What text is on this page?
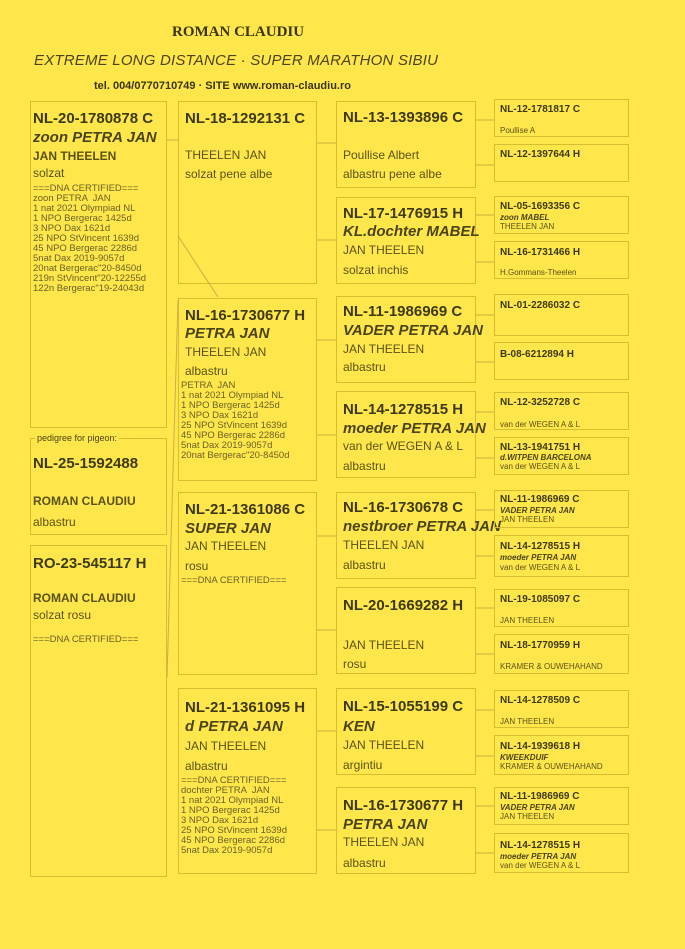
ROMAN CLAUDIU
EXTREME LONG DISTANCE · SUPER MARATHON SIBIU
tel. 004/0770710749 · SITE www.roman-claudiu.ro
NL-20-1780878 C
zoon PETRA JAN
JAN THEELEN
solzat
===DNA CERTIFIED===
zoon PETRA  JAN
1 nat 2021 Olympiad NL
1 NPO Bergerac 1425d
3 NPO Dax 1621d
25 NPO StVincent 1639d
45 NPO Bergerac 2286d
5nat Dax 2019-9057d
20nat Bergerac"20-8450d
219n StVincent"20-12255d
122n Bergerac"19-24043d
pedigree for pigeon:
NL-25-1592488
ROMAN CLAUDIU
albastru
RO-23-545117 H
ROMAN CLAUDIU
solzat rosu
===DNA CERTIFIED===
NL-18-1292131 C
THEELEN JAN
solzat pene albe
NL-16-1730677 H
PETRA JAN
THEELEN JAN
albastru
PETRA  JAN
1 nat 2021 Olympiad NL
1 NPO Bergerac 1425d
3 NPO Dax 1621d
25 NPO StVincent 1639d
45 NPO Bergerac 2286d
5nat Dax 2019-9057d
20nat Bergerac"20-8450d
NL-21-1361086 C
SUPER JAN
JAN THEELEN
rosu
===DNA CERTIFIED===
NL-21-1361095 H
d PETRA JAN
JAN THEELEN
albastru
===DNA CERTIFIED===
dochter PETRA  JAN
1 nat 2021 Olympiad NL
1 NPO Bergerac 1425d
3 NPO Dax 1621d
25 NPO StVincent 1639d
45 NPO Bergerac 2286d
5nat Dax 2019-9057d
NL-13-1393896 C
Poullise Albert
albastru pene albe
NL-17-1476915 H
KL.dochter MABEL
JAN THEELEN
solzat inchis
NL-11-1986969 C
VADER PETRA JAN
JAN THEELEN
albastru
NL-14-1278515 H
moeder PETRA JAN
van der WEGEN A & L
albastru
NL-16-1730678 C
nestbroer PETRA JAN
THEELEN JAN
albastru
NL-20-1669282 H
JAN THEELEN
rosu
NL-15-1055199 C
KEN
JAN THEELEN
argintiu
NL-16-1730677 H
PETRA JAN
THEELEN JAN
albastru
NL-12-1781817 C
Poullise A
NL-12-1397644 H
NL-05-1693356 C
zoon MABEL
THEELEN JAN
NL-16-1731466 H
H.Gommans-Theelen
NL-01-2286032 C
B-08-6212894 H
NL-12-3252728 C
van der WEGEN A & L
NL-13-1941751 H
d.WITPEN BARCELONA
van der WEGEN A & L
NL-11-1986969 C
VADER PETRA JAN
JAN THEELEN
NL-14-1278515 H
moeder PETRA JAN
van der WEGEN A & L
NL-19-1085097 C
JAN THEELEN
NL-18-1770959 H
KRAMER & OUWEHAHAND
NL-14-1278509 C
JAN THEELEN
NL-14-1939618 H
KWEEKDUIF
KRAMER & OUWEHAHAND
NL-11-1986969 C
VADER PETRA JAN
JAN THEELEN
NL-14-1278515 H
moeder PETRA JAN
van der WEGEN A & L
